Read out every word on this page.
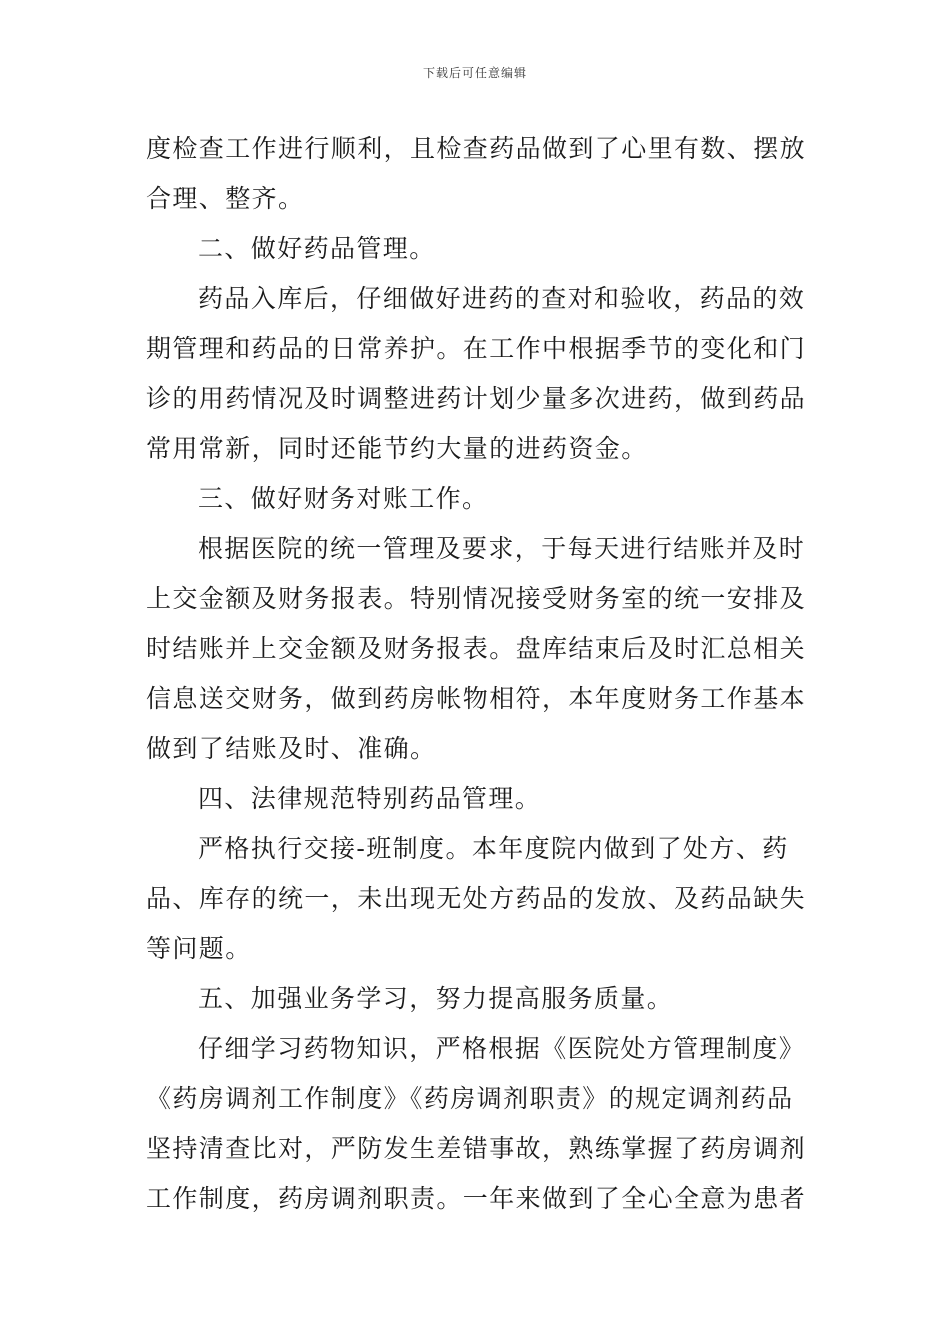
下载后可任意编辑

度检查工作进行顺利，且检查药品做到了心里有数、摆放合理、整齐。

二、做好药品管理。

药品入库后，仔细做好进药的查对和验收，药品的效期管理和药品的日常养护。在工作中根据季节的变化和门诊的用药情况及时调整进药计划少量多次进药，做到药品常用常新，同时还能节约大量的进药资金。

三、做好财务对账工作。

根据医院的统一管理及要求，于每天进行结账并及时上交金额及财务报表。特别情况接受财务室的统一安排及时结账并上交金额及财务报表。盘库结束后及时汇总相关信息送交财务，做到药房帐物相符，本年度财务工作基本做到了结账及时、准确。

四、法律规范特别药品管理。

严格执行交接-班制度。本年度院内做到了处方、药品、库存的统一，未出现无处方药品的发放、及药品缺失等问题。

五、加强业务学习，努力提高服务质量。

仔细学习药物知识，严格根据《医院处方管理制度》《药房调剂工作制度》《药房调剂职责》的规定调剂药品坚持清查比对，严防发生差错事故，熟练掌握了药房调剂工作制度，药房调剂职责。一年来做到了全心全意为患者
